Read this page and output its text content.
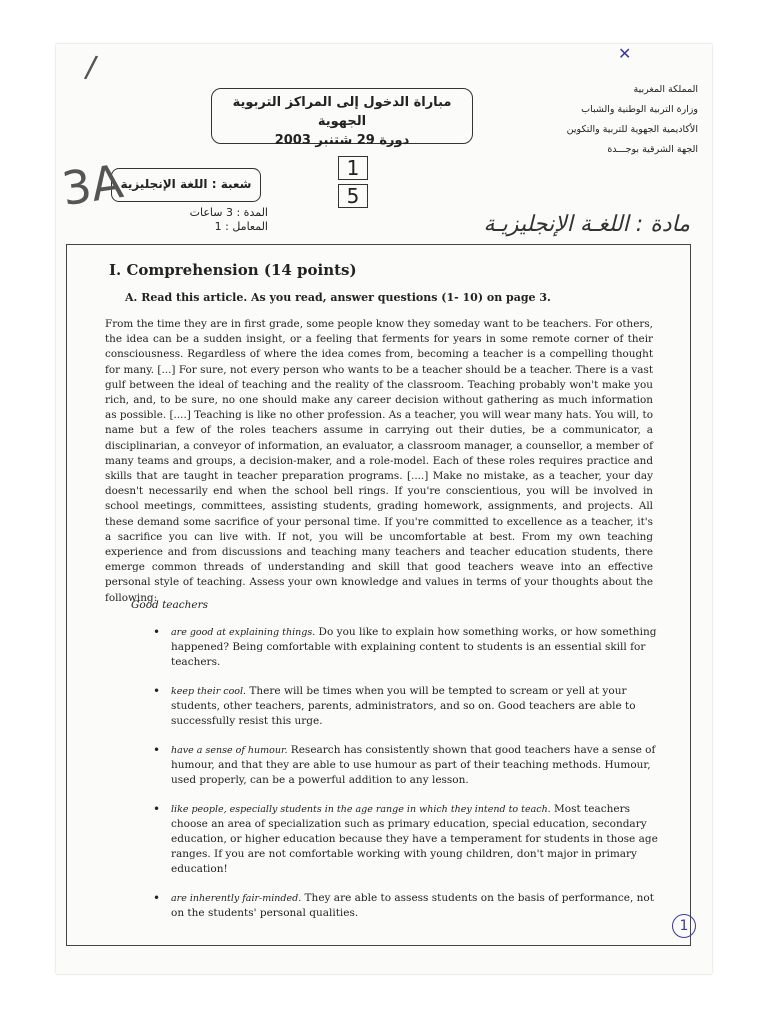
المملكة المغربية
وزارة التربية الوطنية والشباب
الأكاديمية الجهوية للتربية والتكوين
الجهة الشرقية بوجـــدة
مباراة الدخول إلى المراكز التربوية الجهوية
دورة 29 شتنبر 2003
$\frac{1}{5}$
شعبة : اللغة الإنجليزية
المدة : 3 ساعات
المعامل : 1	مادة : اللغـة الإنجليزيـة
3A
/	✕
I. Comprehension (14 points)

A. Read this article. As you read, answer questions (1- 10) on page 3.

From the time they are in first grade, some people know they someday want to be teachers. For others, the idea can be a sudden insight, or a feeling that ferments for years in some remote corner of their consciousness. Regardless of where the idea comes from, becoming a teacher is a compelling thought for many. [...] For sure, not every person who wants to be a teacher should be a teacher. There is a vast gulf between the ideal of teaching and the reality of the classroom. Teaching probably won't make you rich, and, to be sure, no one should make any career decision without gathering as much information as possible. [....] Teaching is like no other profession. As a teacher, you will wear many hats. You will, to name but a few of the roles teachers assume in carrying out their duties, be a communicator, a disciplinarian, a conveyor of information, an evaluator, a classroom manager, a counsellor, a member of many teams and groups, a decision-maker, and a role-model. Each of these roles requires practice and skills that are taught in teacher preparation programs. [....] Make no mistake, as a teacher, your day doesn't necessarily end when the school bell rings. If you're conscientious, you will be involved in school meetings, committees, assisting students, grading homework, assignments, and projects. All these demand some sacrifice of your personal time. If you're committed to excellence as a teacher, it's a sacrifice you can live with. If not, you will be uncomfortable at best. From my own teaching experience and from discussions and teaching many teachers and teacher education students, there emerge common threads of understanding and skill that good teachers weave into an effective personal style of teaching. Assess your own knowledge and values in terms of your thoughts about the following:

Good teachers
• are good at explaining things. Do you like to explain how something works, or how something happened? Being comfortable with explaining content to students is an essential skill for teachers.
• keep their cool. There will be times when you will be tempted to scream or yell at your students, other teachers, parents, administrators, and so on. Good teachers are able to successfully resist this urge.
• have a sense of humour. Research has consistently shown that good teachers have a sense of humour, and that they are able to use humour as part of their teaching methods. Humour, used properly, can be a powerful addition to any lesson.
• like people, especially students in the age range in which they intend to teach. Most teachers choose an area of specialization such as primary education, special education, secondary education, or higher education because they have a temperament for students in those age ranges. If you are not comfortable working with young children, don't major in primary education!
• are inherently fair-minded. They are able to assess students on the basis of performance, not on the students' personal qualities.
1
